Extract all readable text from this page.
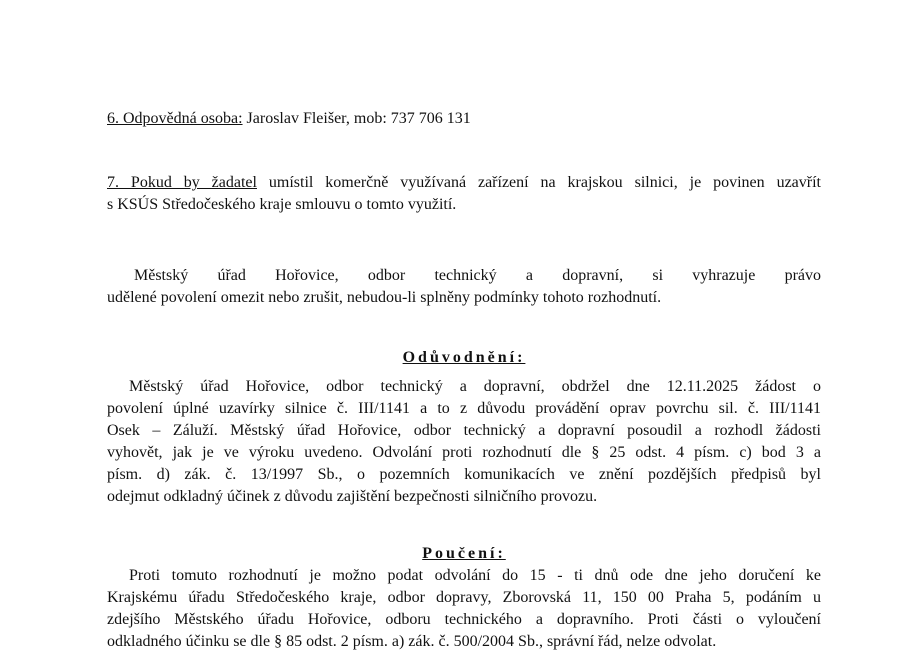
6. Odpovědná osoba: Jaroslav Fleišer, mob: 737 706 131
7. Pokud by žadatel umístil komerčně využívaná zařízení na krajskou silnici, je povinen uzavřít
s KSÚS Středočeského kraje smlouvu o tomto využití.
Městský úřad Hořovice, odbor technický a dopravní, si vyhrazuje právo
udělené povolení omezit nebo zrušit, nebudou-li splněny podmínky tohoto rozhodnutí.
Odůvodnění:
Městský úřad Hořovice, odbor technický a dopravní, obdržel dne 12.11.2025 žádost o
povolení úplné uzavírky silnice č. III/1141 a to z důvodu provádění oprav povrchu sil. č. III/1141
Osek – Záluží. Městský úřad Hořovice, odbor technický a dopravní posoudil a rozhodl žádosti
vyhovět, jak je ve výroku uvedeno. Odvolání proti rozhodnutí dle § 25 odst. 4 písm. c) bod 3 a
písm. d) zák. č. 13/1997 Sb., o pozemních komunikacích ve znění pozdějších předpisů byl
odejmut odkladný účinek z důvodu zajištění bezpečnosti silničního provozu.
Poučení:
Proti tomuto rozhodnutí je možno podat odvolání do 15 - ti dnů ode dne jeho doručení ke
Krajskému úřadu Středočeského kraje, odbor dopravy, Zborovská 11, 150 00 Praha 5, podáním u
zdejšího Městského úřadu Hořovice, odboru technického a dopravního. Proti části o vyloučení
odkladného účinku se dle § 85 odst. 2 písm. a) zák. č. 500/2004 Sb., správní řád, nelze odvolat.
